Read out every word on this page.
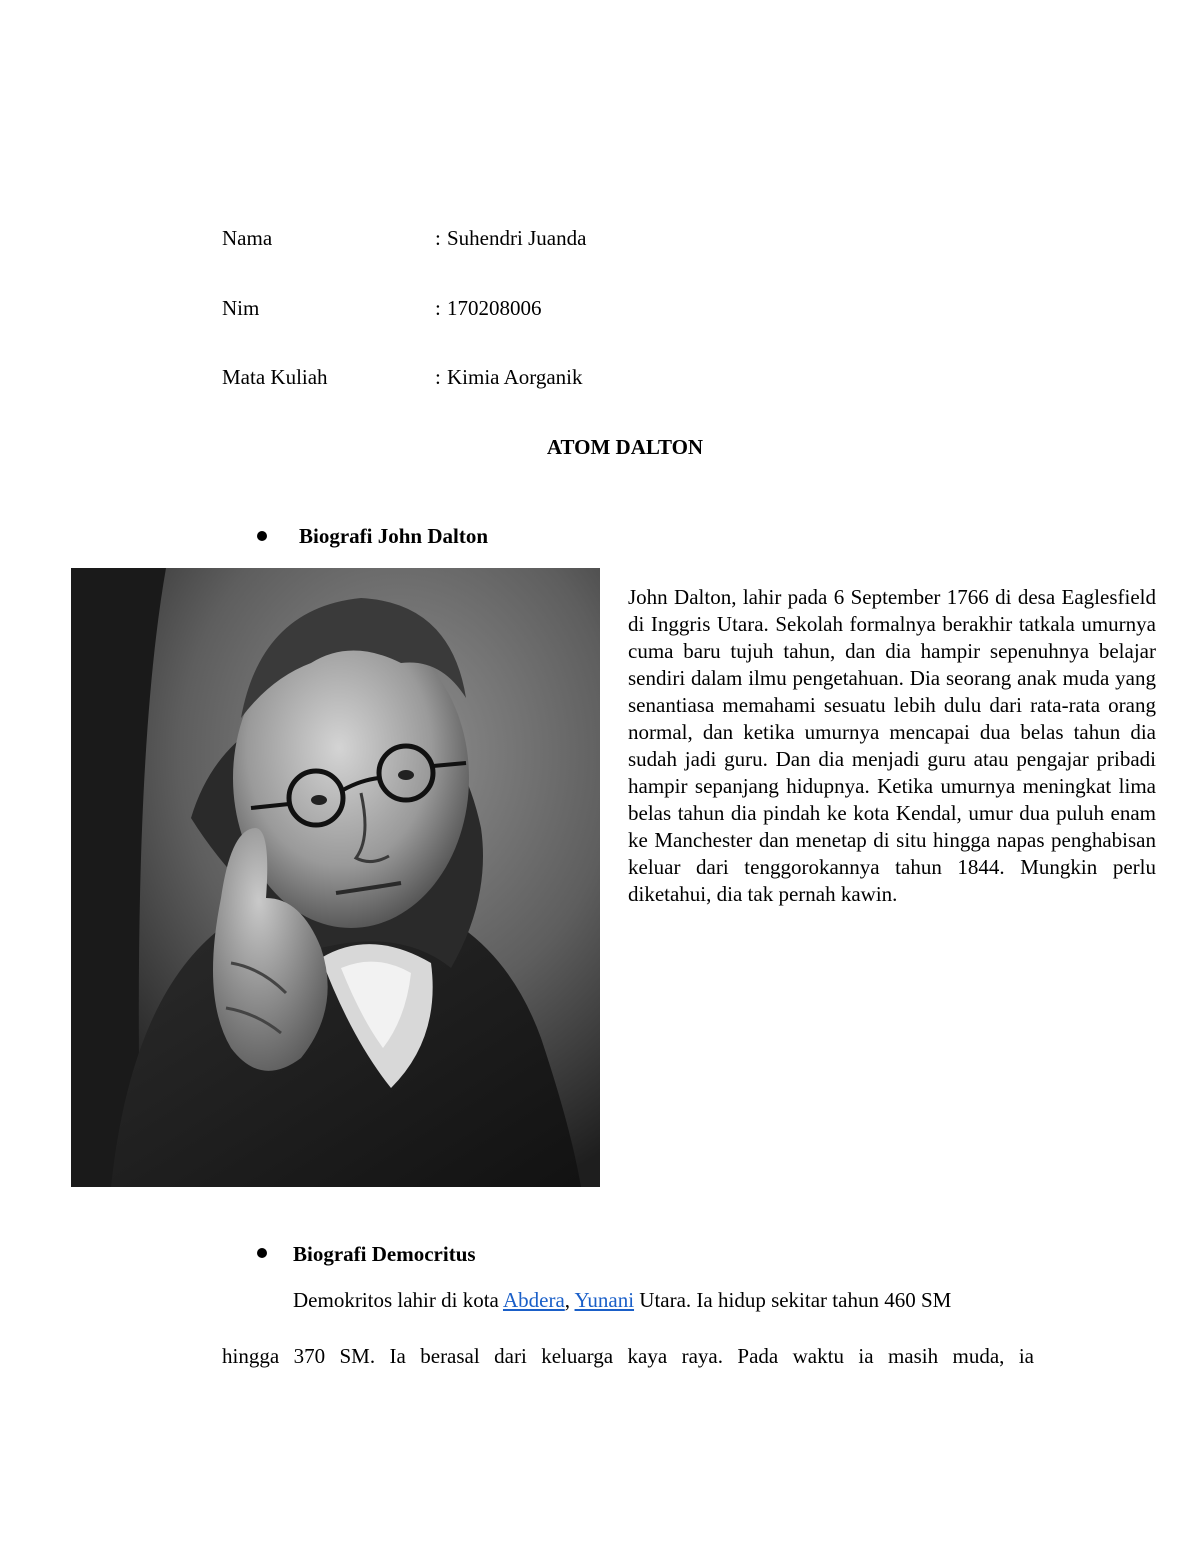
Nama	: Suhendri Juanda
Nim	: 170208006
Mata Kuliah	: Kimia Aorganik
ATOM DALTON
Biografi John Dalton
John Dalton, lahir pada 6 September 1766 di desa Eaglesfield di Inggris Utara. Sekolah formalnya berakhir tatkala umurnya cuma baru tujuh tahun, dan dia hampir sepenuhnya belajar sendiri dalam ilmu pengetahuan. Dia seorang anak muda yang senantiasa memahami sesuatu lebih dulu dari rata-rata orang normal, dan ketika umurnya mencapai dua belas tahun dia sudah jadi guru. Dan dia menjadi guru atau pengajar pribadi hampir sepanjang hidupnya. Ketika umurnya meningkat lima belas tahun dia pindah ke kota Kendal, umur dua puluh enam ke Manchester dan menetap di situ hingga napas penghabisan keluar dari tenggorokannya tahun 1844. Mungkin perlu diketahui, dia tak pernah kawin.
Biografi Democritus
Demokritos lahir di kota Abdera, Yunani Utara. Ia hidup sekitar tahun 460 SM
hingga 370 SM. Ia berasal dari keluarga kaya raya. Pada waktu ia masih muda, ia
